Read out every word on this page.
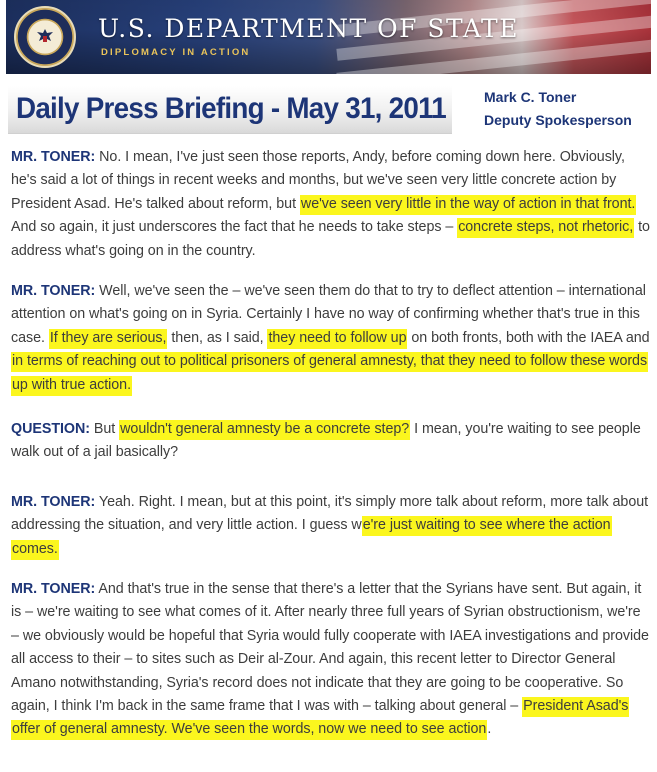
U.S. DEPARTMENT OF STATE
DIPLOMACY IN ACTION
Daily Press Briefing - May 31, 2011	Mark C. Toner
Deputy Spokesperson
MR. TONER: No. I mean, I've just seen those reports, Andy, before coming down here. Obviously, he's said a lot of things in recent weeks and months, but we've seen very little concrete action by President Asad. He's talked about reform, but we've seen very little in the way of action in that front. And so again, it just underscores the fact that he needs to take steps – concrete steps, not rhetoric, to address what's going on in the country.
MR. TONER: Well, we've seen the – we've seen them do that to try to deflect attention – international attention on what's going on in Syria. Certainly I have no way of confirming whether that's true in this case. If they are serious, then, as I said, they need to follow up on both fronts, both with the IAEA and in terms of reaching out to political prisoners of general amnesty, that they need to follow these words up with true action.
QUESTION: But wouldn't general amnesty be a concrete step? I mean, you're waiting to see people walk out of a jail basically?
MR. TONER: Yeah. Right. I mean, but at this point, it's simply more talk about reform, more talk about addressing the situation, and very little action. I guess we're just waiting to see where the action comes.
MR. TONER: And that's true in the sense that there's a letter that the Syrians have sent. But again, it is – we're waiting to see what comes of it. After nearly three full years of Syrian obstructionism, we're – we obviously would be hopeful that Syria would fully cooperate with IAEA investigations and provide all access to their – to sites such as Deir al-Zour. And again, this recent letter to Director General Amano notwithstanding, Syria's record does not indicate that they are going to be cooperative. So again, I think I'm back in the same frame that I was with – talking about general – President Asad's offer of general amnesty. We've seen the words, now we need to see action.
